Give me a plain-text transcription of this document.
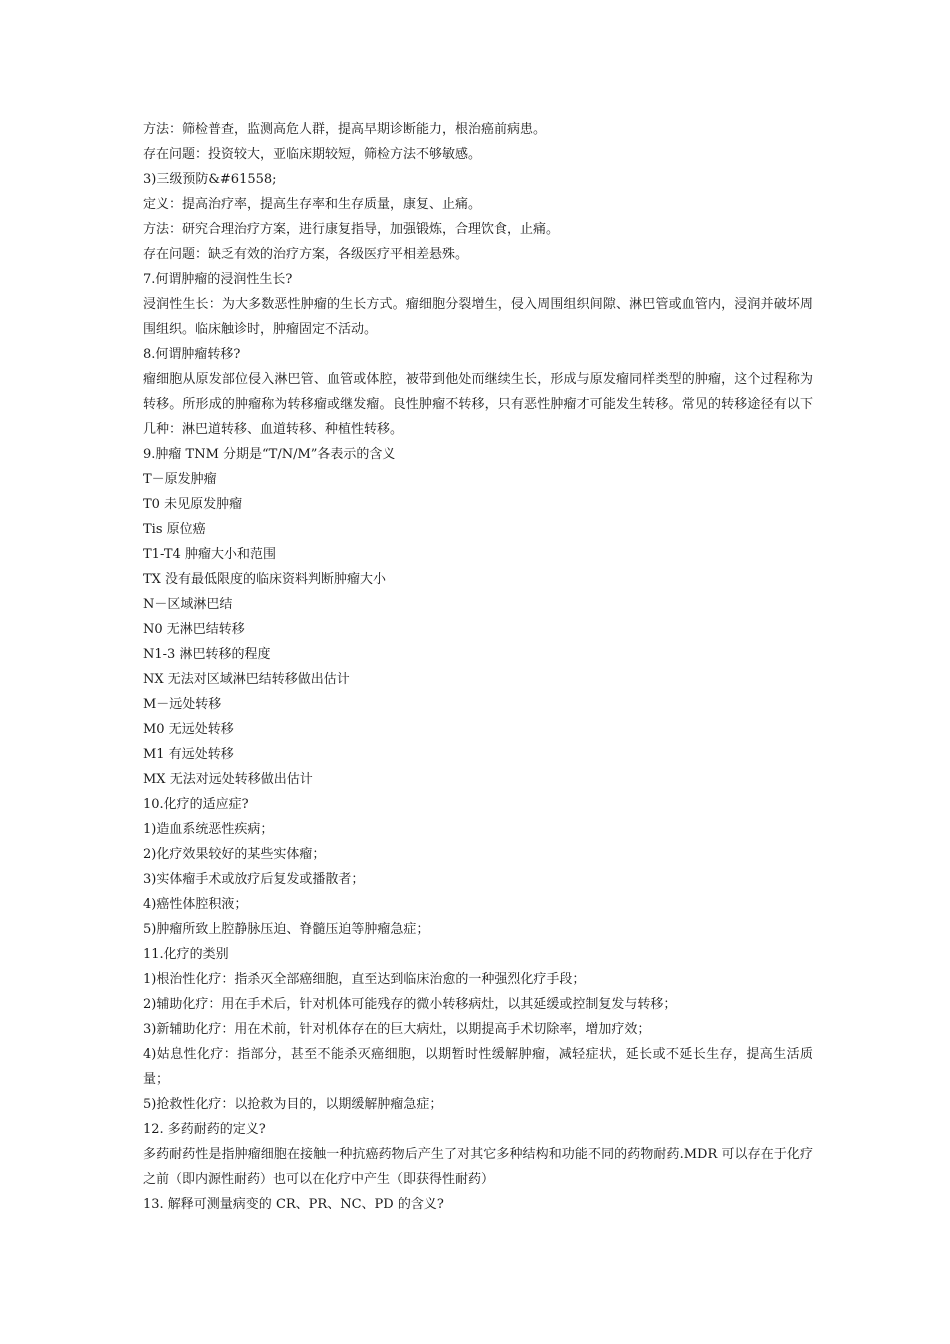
方法：筛检普查，监测高危人群，提高早期诊断能力，根治癌前病患。

存在问题：投资较大，亚临床期较短，筛检方法不够敏感。

3)三级预防&#61558;

定义：提高治疗率，提高生存率和生存质量，康复、止痛。

方法：研究合理治疗方案，进行康复指导，加强锻炼，合理饮食，止痛。

存在问题：缺乏有效的治疗方案，各级医疗平相差悬殊。

7.何谓肿瘤的浸润性生长?

浸润性生长：为大多数恶性肿瘤的生长方式。瘤细胞分裂增生，侵入周围组织间隙、淋巴管或血管内，浸润并破坏周围组织。临床触诊时，肿瘤固定不活动。

8.何谓肿瘤转移?

瘤细胞从原发部位侵入淋巴管、血管或体腔，被带到他处而继续生长，形成与原发瘤同样类型的肿瘤，这个过程称为转移。所形成的肿瘤称为转移瘤或继发瘤。良性肿瘤不转移，只有恶性肿瘤才可能发生转移。常见的转移途径有以下几种：淋巴道转移、血道转移、种植性转移。

9.肿瘤 TNM 分期是“T/N/M”各表示的含义

T－原发肿瘤

T0 未见原发肿瘤

Tis 原位癌

T1-T4 肿瘤大小和范围

TX 没有最低限度的临床资料判断肿瘤大小

N－区域淋巴结

N0 无淋巴结转移

N1-3 淋巴转移的程度

NX 无法对区域淋巴结转移做出估计

M－远处转移

M0 无远处转移

M1 有远处转移

MX 无法对远处转移做出估计

10.化疗的适应症?

1)造血系统恶性疾病；

2)化疗效果较好的某些实体瘤；

3)实体瘤手术或放疗后复发或播散者；

4)癌性体腔积液；

5)肿瘤所致上腔静脉压迫、脊髓压迫等肿瘤急症；

11.化疗的类别

1)根治性化疗：指杀灭全部癌细胞，直至达到临床治愈的一种强烈化疗手段；

2)辅助化疗：用在手术后，针对机体可能残存的微小转移病灶，以其延缓或控制复发与转移；

3)新辅助化疗：用在术前，针对机体存在的巨大病灶，以期提高手术切除率，增加疗效；

4)姑息性化疗：指部分，甚至不能杀灭癌细胞，以期暂时性缓解肿瘤，减轻症状，延长或不延长生存，提高生活质量；

5)抢救性化疗：以抢救为目的，以期缓解肿瘤急症；

12. 多药耐药的定义?

多药耐药性是指肿瘤细胞在接触一种抗癌药物后产生了对其它多种结构和功能不同的药物耐药.MDR 可以存在于化疗之前（即内源性耐药）也可以在化疗中产生（即获得性耐药）

13. 解释可测量病变的 CR、PR、NC、PD 的含义?
